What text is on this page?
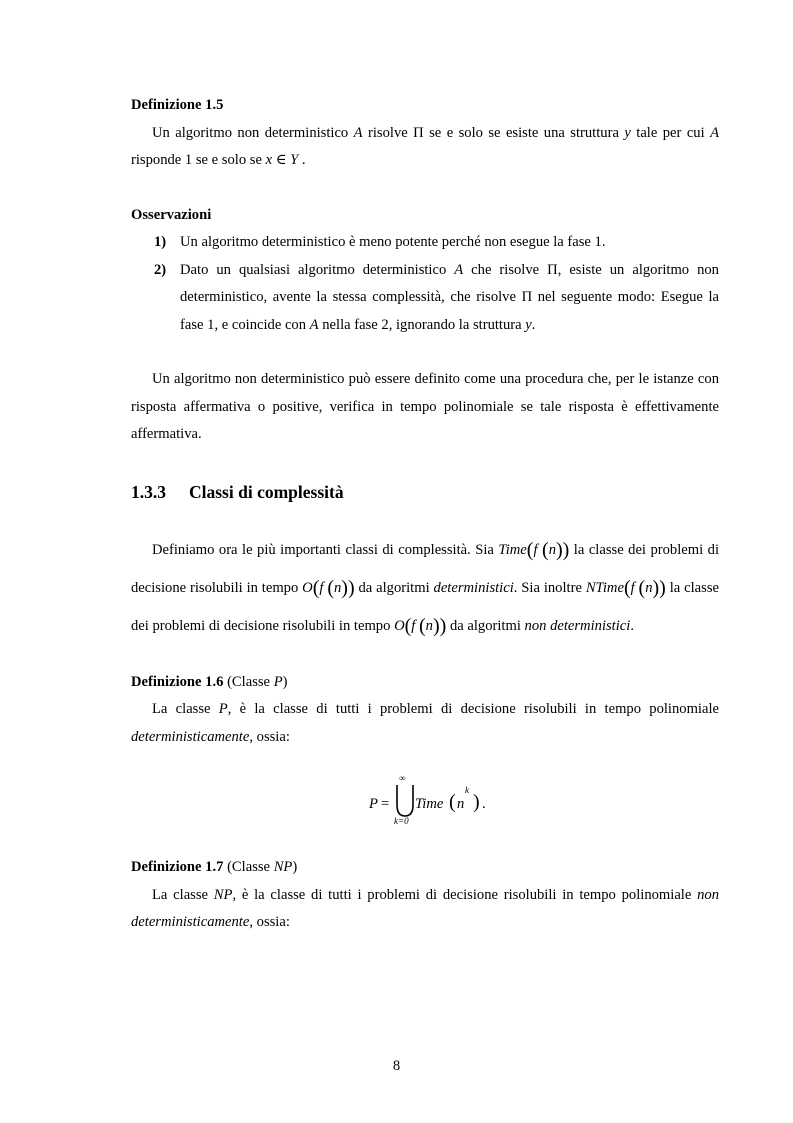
Definizione 1.5

Un algoritmo non deterministico A risolve Π se e solo se esiste una struttura y tale per cui A risponde 1 se e solo se x ∈ Y .

Osservazioni

1) Un algoritmo deterministico è meno potente perché non esegue la fase 1.
2) Dato un qualsiasi algoritmo deterministico A che risolve Π, esiste un algoritmo non deterministico, avente la stessa complessità, che risolve Π nel seguente modo: Esegue la fase 1, e coincide con A nella fase 2, ignorando la struttura y.

Un algoritmo non deterministico può essere definito come una procedura che, per le istanze con risposta affermativa o positive, verifica in tempo polinomiale se tale risposta è effettivamente affermativa.

1.3.3 Classi di complessità

Definiamo ora le più importanti classi di complessità. Sia Time(f (n)) la classe dei problemi di decisione risolubili in tempo O(f (n)) da algoritmi deterministici. Sia inoltre NTime(f (n)) la classe dei problemi di decisione risolubili in tempo O(f (n)) da algoritmi non deterministici.

Definizione 1.6 (Classe P)

La classe P, è la classe di tutti i problemi di decisione risolubili in tempo polinomiale deterministicamente, ossia:

P =
∞
k=0
Time ( n
k
) .

Definizione 1.7 (Classe NP)

La classe NP, è la classe di tutti i problemi di decisione risolubili in tempo polinomiale non deterministicamente, ossia:

8
